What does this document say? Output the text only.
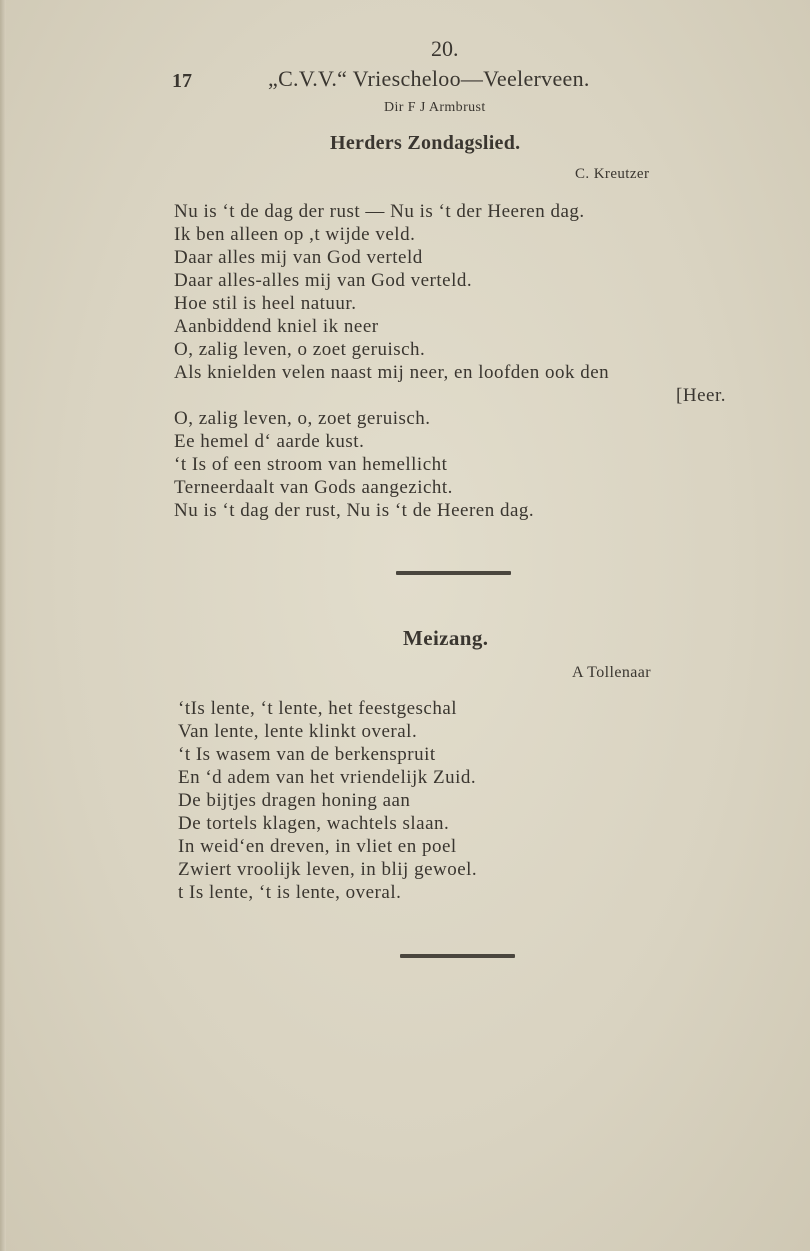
20.
17	„C.V.V.“ Vriescheloo—Veelerveen.
Dir F J Armbrust
Herders Zondagslied.
C. Kreutzer
Nu is ‘t de dag der rust — Nu is ‘t der Heeren dag.
Ik ben alleen op ,t wijde veld.
Daar alles mij van God verteld
Daar alles-alles mij van God verteld.
Hoe stil is heel natuur.
Aanbiddend kniel ik neer
O, zalig leven, o zoet geruisch.
Als knielden velen naast mij neer, en loofden ook den
[Heer.
O, zalig leven, o, zoet geruisch.
Ee hemel d‘ aarde kust.
‘t Is of een stroom van hemellicht
Terneerdaalt van Gods aangezicht.
Nu is ‘t dag der rust, Nu is ‘t de Heeren dag.
Meizang.
A Tollenaar
‘tIs lente, ‘t lente, het feestgeschal
Van lente, lente klinkt overal.
‘t Is wasem van de berkenspruit
En ‘d adem van het vriendelijk Zuid.
De bijtjes dragen honing aan
De tortels klagen, wachtels slaan.
In weid‘en dreven, in vliet en poel
Zwiert vroolijk leven, in blij gewoel.
t Is lente, ‘t is lente, overal.
